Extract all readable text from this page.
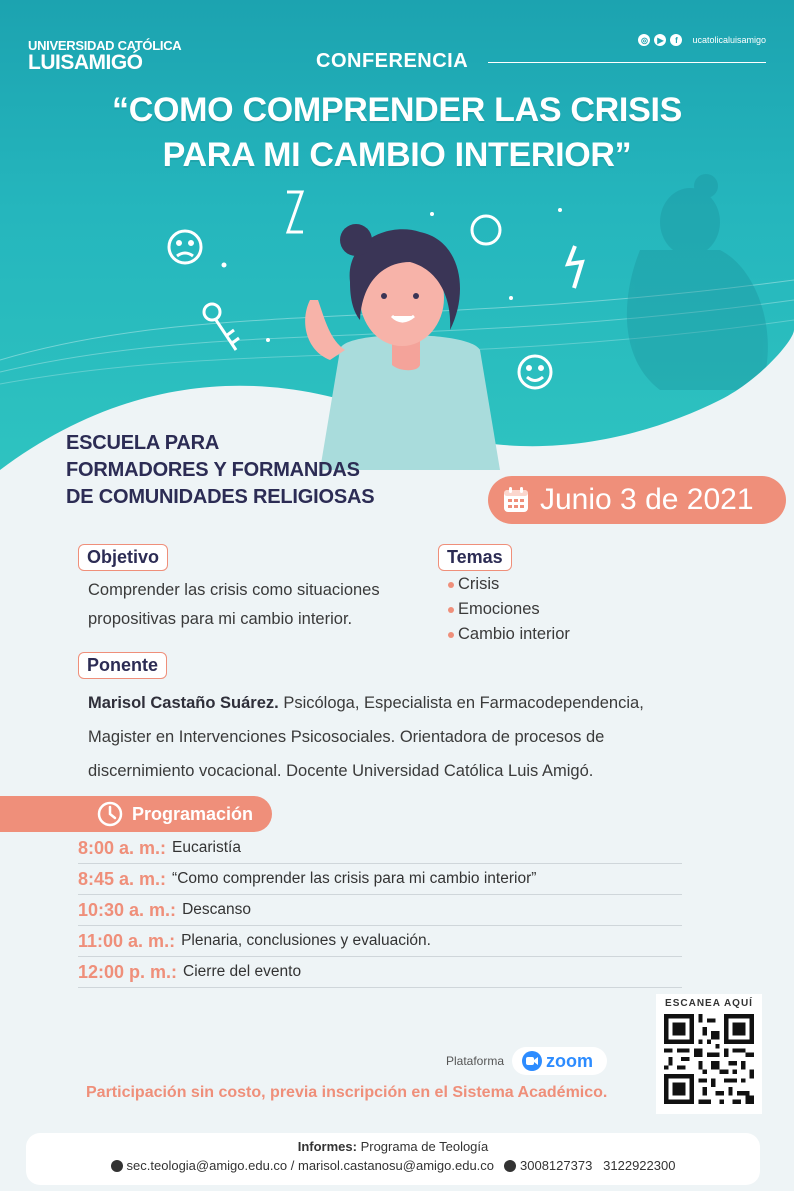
UNIVERSIDAD CATÓLICA
LUISAMIGÓ
◎	▶	f	ucatolicaluisamigo
CONFERENCIA
“COMO COMPRENDER LAS CRISIS
PARA MI CAMBIO INTERIOR”
ESCUELA PARA
FORMADORES Y FORMANDAS
DE COMUNIDADES RELIGIOSAS	Junio 3 de 2021
Objetivo
Comprender las crisis como situaciones
propositivas para mi cambio interior.
Temas
Crisis
Emociones
Cambio interior
Ponente
Marisol Castaño Suárez. Psicóloga, Especialista en Farmacodependencia,
Magister en Intervenciones Psicosociales. Orientadora de procesos de
discernimiento vocacional. Docente Universidad Católica Luis Amigó.
Programación
8:00 a. m.: Eucaristía
8:45 a. m.: “Como comprender las crisis para mi cambio interior”
10:30 a. m.: Descanso
11:00 a. m.: Plenaria, conclusiones y evaluación.
12:00 p. m.: Cierre del evento
ESCANEA AQUÍ
Plataforma zoom
Participación sin costo, previa inscripción en el Sistema Académico.
Informes: Programa de Teología
sec.teologia@amigo.edu.co / marisol.castanosu@amigo.edu.co 3008127373   3122922300
